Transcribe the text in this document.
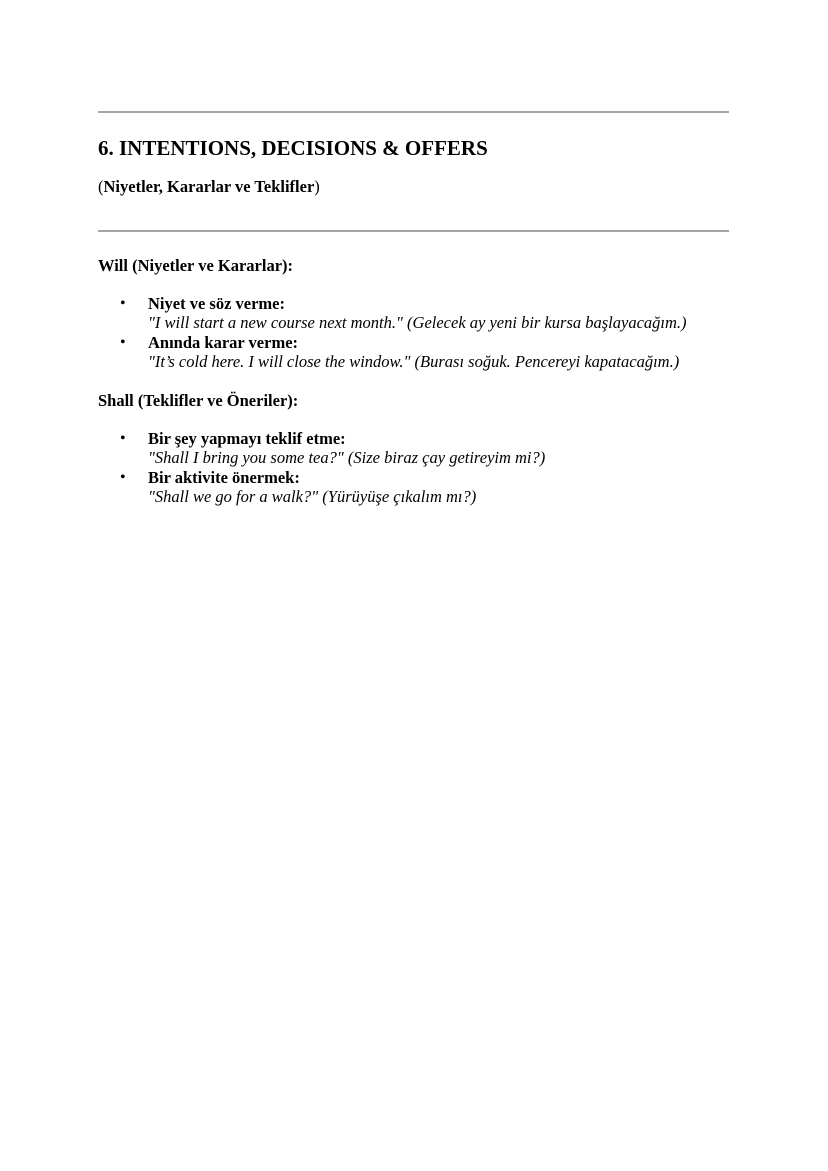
6. INTENTIONS, DECISIONS & OFFERS

(Niyetler, Kararlar ve Teklifler)

Will (Niyetler ve Kararlar):
• Niyet ve söz verme:
"I will start a new course next month." (Gelecek ay yeni bir kursa başlayacağım.)
• Anında karar verme:
"It’s cold here. I will close the window." (Burası soğuk. Pencereyi kapatacağım.)
Shall (Teklifler ve Öneriler):
• Bir şey yapmayı teklif etme:
"Shall I bring you some tea?" (Size biraz çay getireyim mi?)
• Bir aktivite önermek:
"Shall we go for a walk?" (Yürüyüşe çıkalım mı?)
